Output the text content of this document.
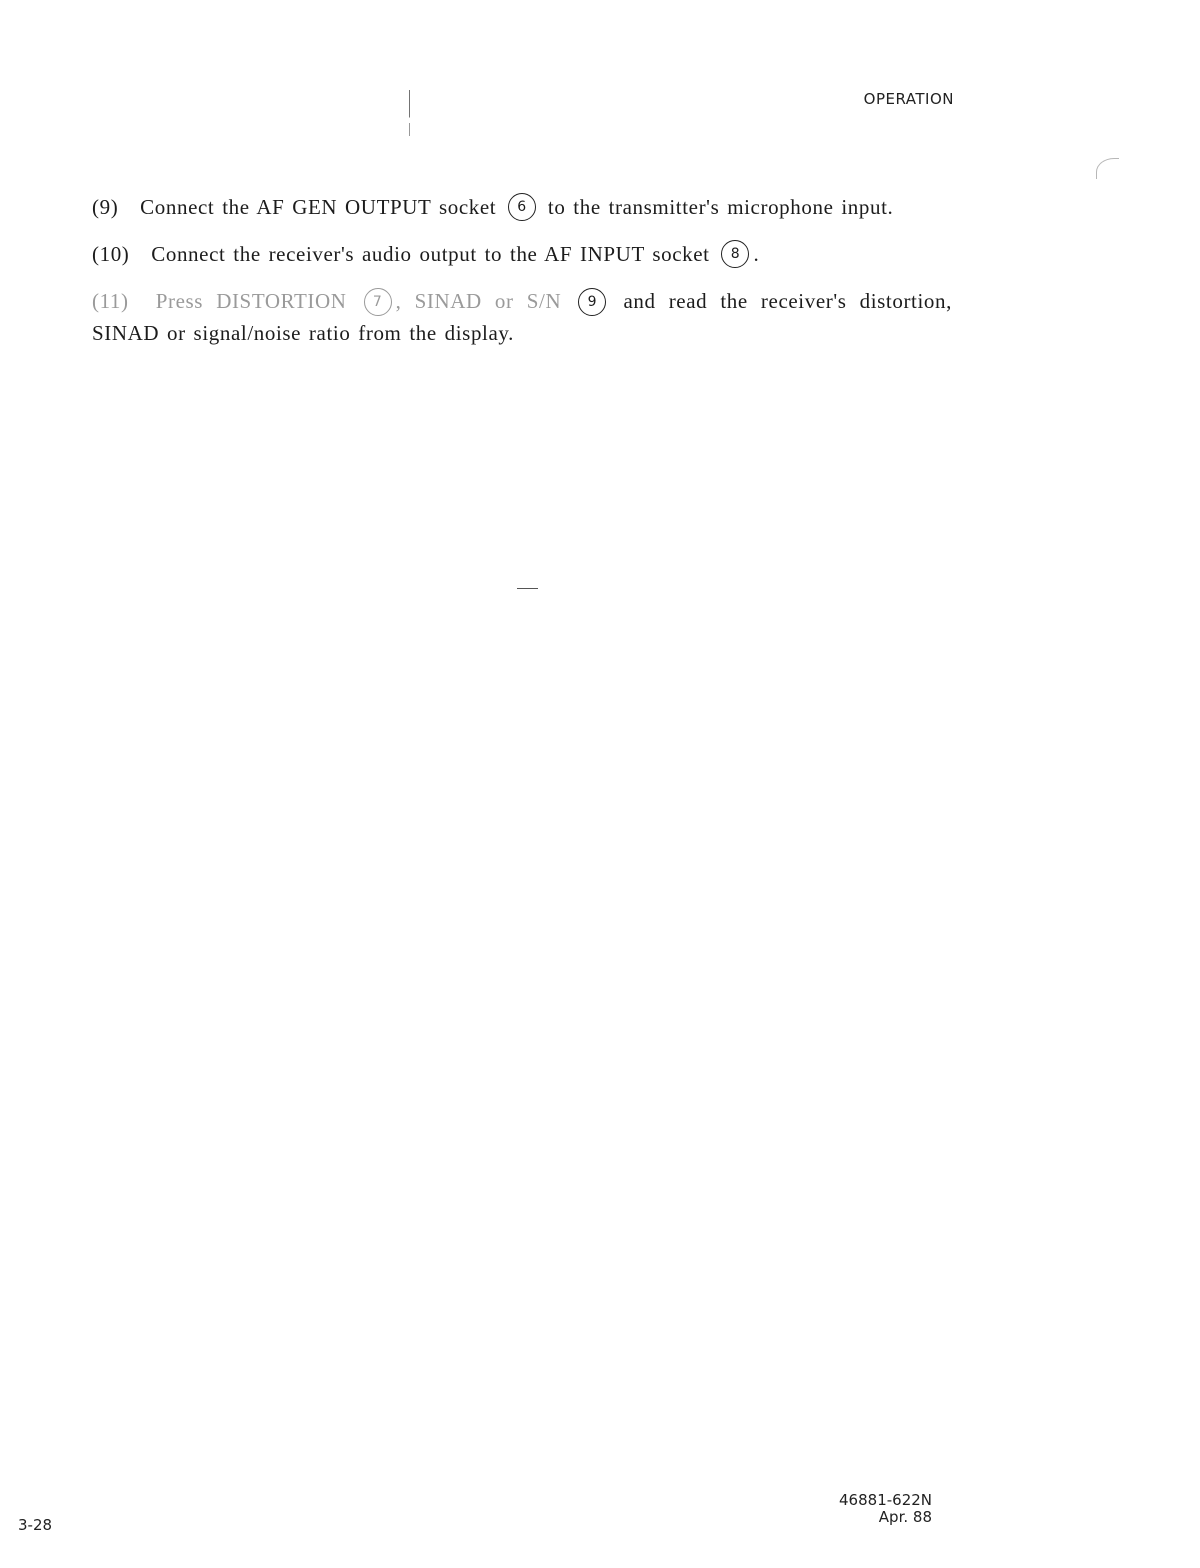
OPERATION

(9) Connect the AF GEN OUTPUT socket 6 to the transmitter's microphone input.

(10) Connect the receiver's audio output to the AF INPUT socket 8 .

(11) Press DISTORTION 7 , SINAD or S/N 9 and read the receiver's distortion, SINAD or signal/noise ratio from the display.

3-28
46881-622N
Apr. 88
